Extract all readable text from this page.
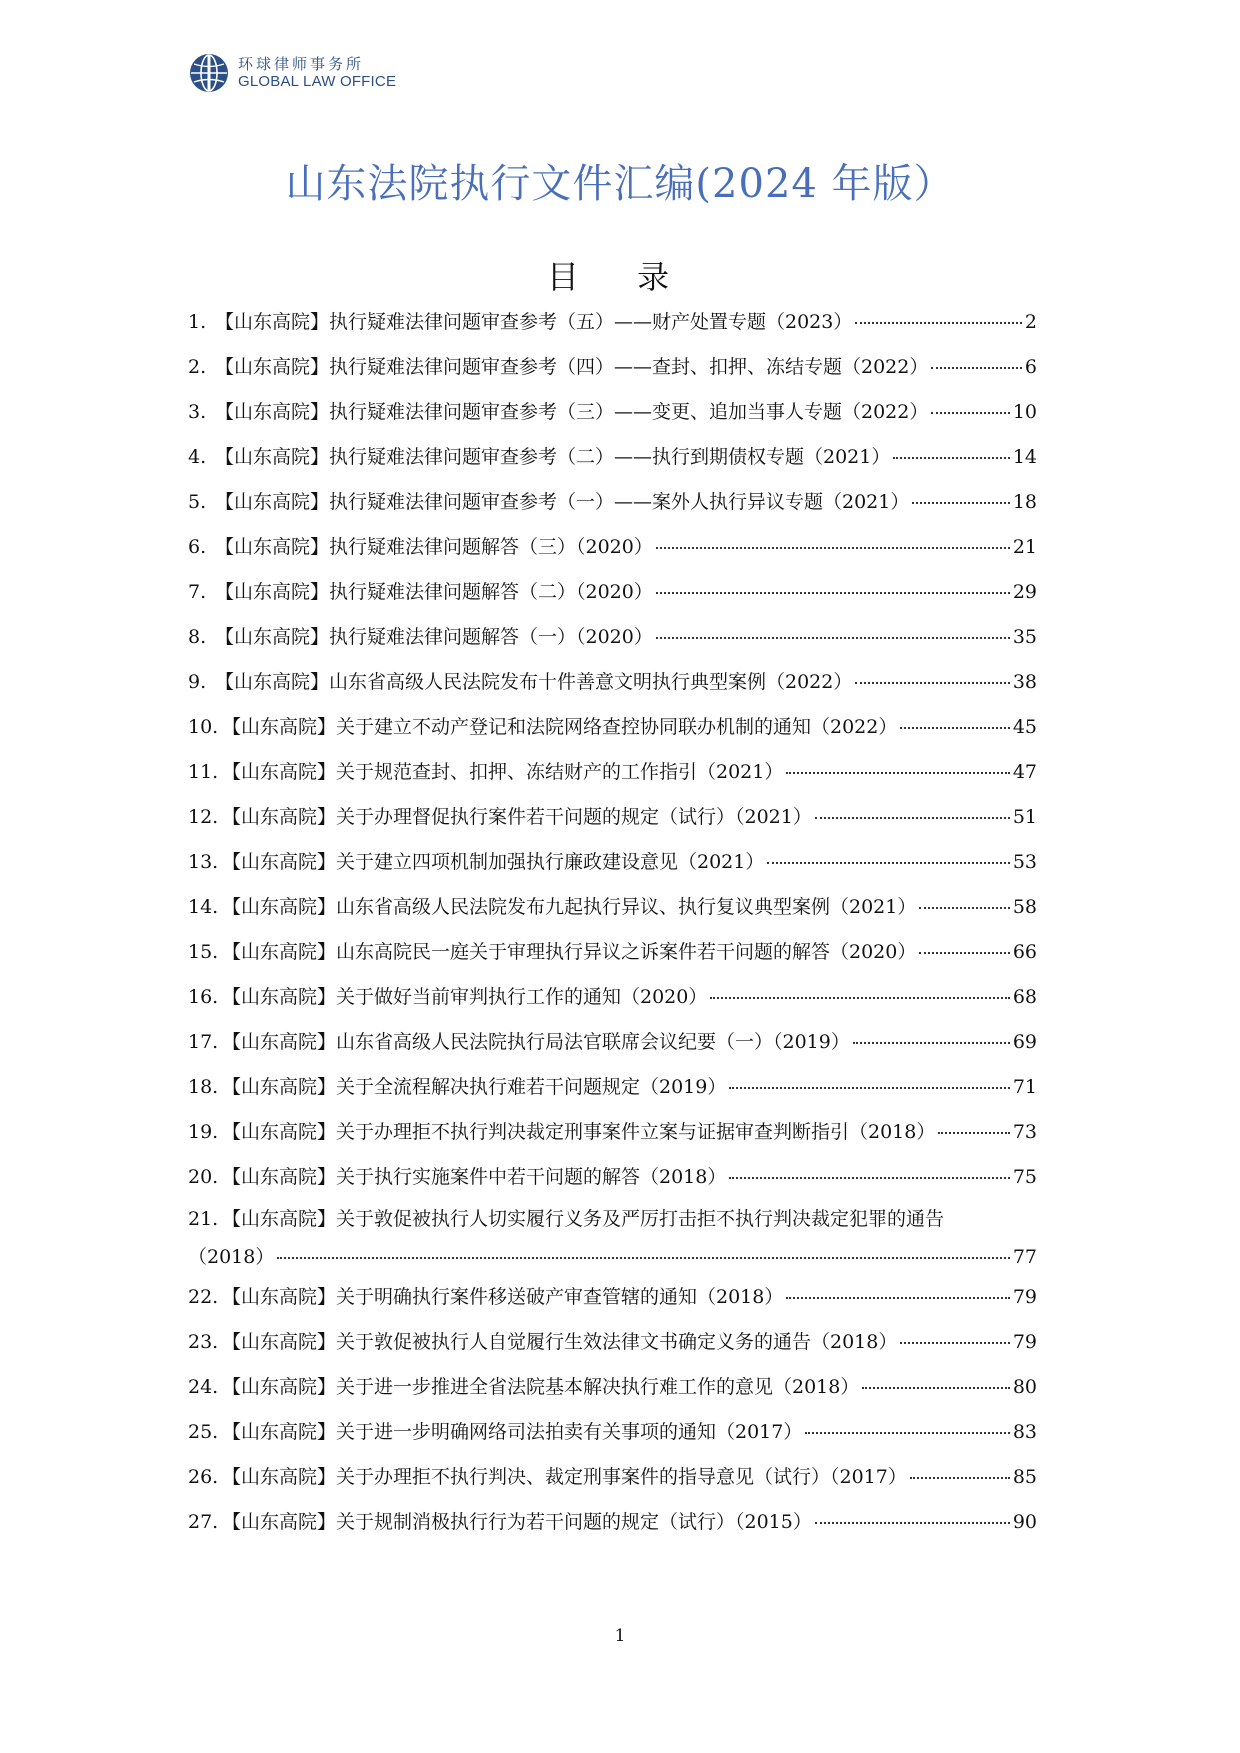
环球律师事务所
GLOBAL LAW OFFICE
山东法院执行文件汇编(2024 年版）
目 录
1. 【山东高院】执行疑难法律问题审查参考（五）——财产处置专题（2023）	2
2. 【山东高院】执行疑难法律问题审查参考（四）——查封、扣押、冻结专题（2022）	6
3. 【山东高院】执行疑难法律问题审查参考（三）——变更、追加当事人专题（2022）	10
4. 【山东高院】执行疑难法律问题审查参考（二）——执行到期债权专题（2021）	14
5. 【山东高院】执行疑难法律问题审查参考（一）——案外人执行异议专题（2021）	18
6. 【山东高院】执行疑难法律问题解答（三）（2020）	21
7. 【山东高院】执行疑难法律问题解答（二）（2020）	29
8. 【山东高院】执行疑难法律问题解答（一）（2020）	35
9. 【山东高院】山东省高级人民法院发布十件善意文明执行典型案例（2022）	38
10. 【山东高院】关于建立不动产登记和法院网络查控协同联办机制的通知（2022）	45
11. 【山东高院】关于规范查封、扣押、冻结财产的工作指引（2021）	47
12. 【山东高院】关于办理督促执行案件若干问题的规定（试行）（2021）	51
13. 【山东高院】关于建立四项机制加强执行廉政建设意见（2021）	53
14. 【山东高院】山东省高级人民法院发布九起执行异议、执行复议典型案例（2021）	58
15. 【山东高院】山东高院民一庭关于审理执行异议之诉案件若干问题的解答（2020）	66
16. 【山东高院】关于做好当前审判执行工作的通知（2020）	68
17. 【山东高院】山东省高级人民法院执行局法官联席会议纪要（一）（2019）	69
18. 【山东高院】关于全流程解决执行难若干问题规定（2019）	71
19. 【山东高院】关于办理拒不执行判决裁定刑事案件立案与证据审查判断指引（2018）	73
20. 【山东高院】关于执行实施案件中若干问题的解答（2018）	75
21. 【山东高院】关于敦促被执行人切实履行义务及严厉打击拒不执行判决裁定犯罪的通告
（2018）	77
22. 【山东高院】关于明确执行案件移送破产审查管辖的通知（2018）	79
23. 【山东高院】关于敦促被执行人自觉履行生效法律文书确定义务的通告（2018）	79
24. 【山东高院】关于进一步推进全省法院基本解决执行难工作的意见（2018）	80
25. 【山东高院】关于进一步明确网络司法拍卖有关事项的通知（2017）	83
26. 【山东高院】关于办理拒不执行判决、裁定刑事案件的指导意见（试行）（2017）	85
27. 【山东高院】关于规制消极执行行为若干问题的规定（试行）（2015）	90
1
